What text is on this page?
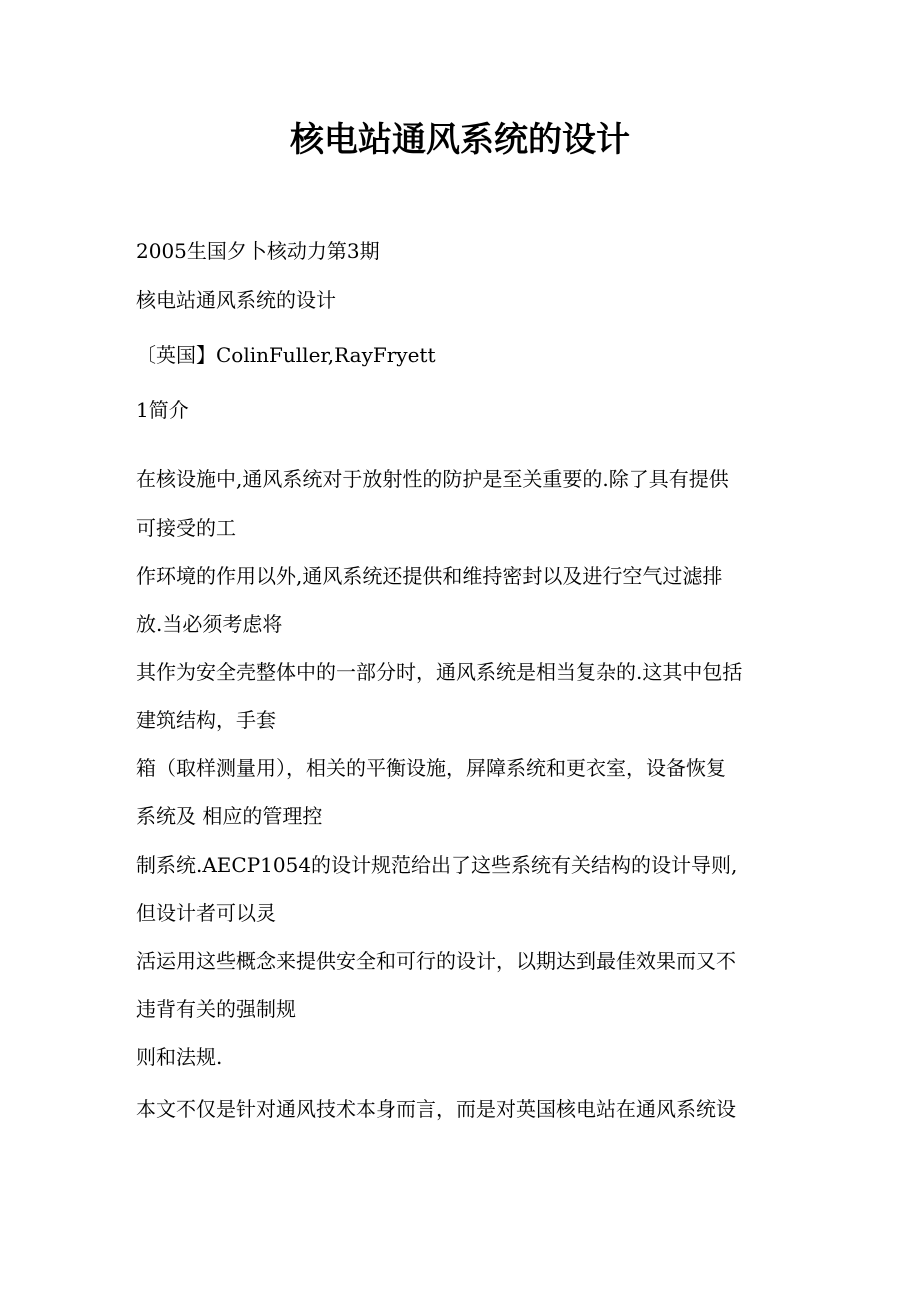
核电站通风系统的设计
2005生国夕卜核动力第3期
核电站通风系统的设计
〔英国】ColinFuller,RayFryett
1简介
在核设施中,通风系统对于放射性的防护是至关重要的.除了具有提供
可接受的工
作环境的作用以外,通风系统还提供和维持密封以及进行空气过滤排
放.当必须考虑将
其作为安全壳整体中的一部分时，通风系统是相当复杂的.这其中包括
建筑结构，手套
箱（取样测量用），相关的平衡设施，屏障系统和更衣室，设备恢复
系统及 相应的管理控
制系统.AECP1054的设计规范给出了这些系统有关结构的设计导则,
但设计者可以灵
活运用这些概念来提供安全和可行的设计，以期达到最佳效果而又不
违背有关的强制规
则和法规.
本文不仅是针对通风技术本身而言，而是对英国核电站在通风系统设
